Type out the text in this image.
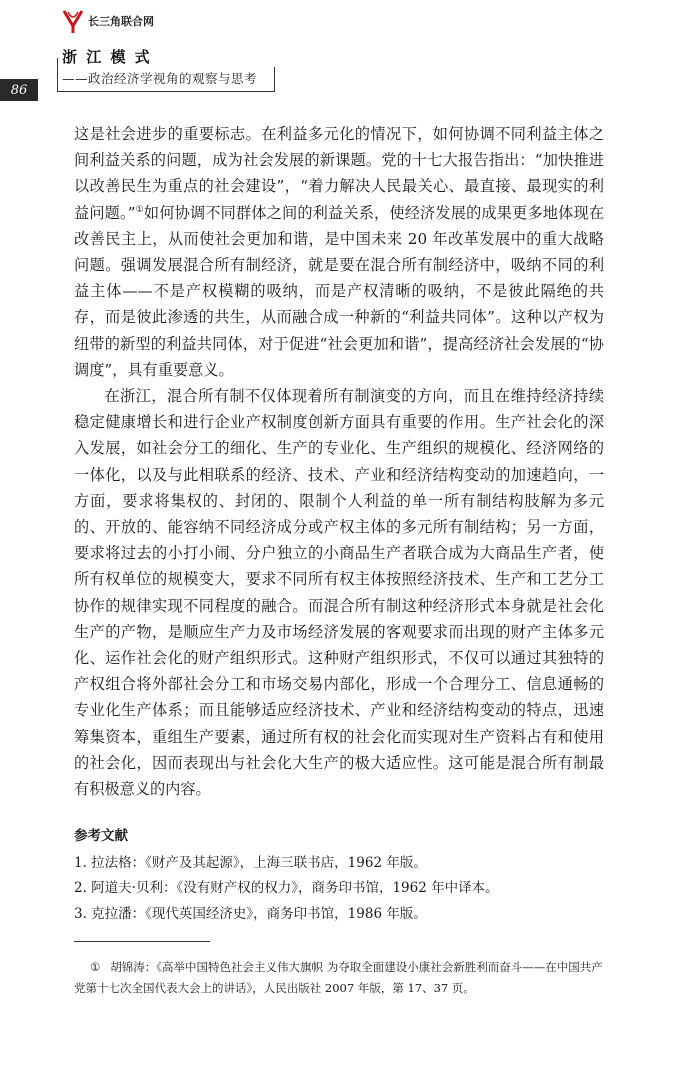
长三角联合网
浙 江 模 式
——政治经济学视角的观察与思考
86

这是社会进步的重要标志。在利益多元化的情况下，如何协调不同利益主体之间利益关系的问题，成为社会发展的新课题。党的十七大报告指出：“加快推进以改善民生为重点的社会建设”，“着力解决人民最关心、最直接、最现实的利益问题。”①如何协调不同群体之间的利益关系，使经济发展的成果更多地体现在改善民主上，从而使社会更加和谐，是中国未来 20 年改革发展中的重大战略问题。强调发展混合所有制经济，就是要在混合所有制经济中，吸纳不同的利益主体——不是产权模糊的吸纳，而是产权清晰的吸纳，不是彼此隔绝的共存，而是彼此渗透的共生，从而融合成一种新的“利益共同体”。这种以产权为纽带的新型的利益共同体，对于促进“社会更加和谐”，提高经济社会发展的“协调度”，具有重要意义。

在浙江，混合所有制不仅体现着所有制演变的方向，而且在维持经济持续稳定健康增长和进行企业产权制度创新方面具有重要的作用。生产社会化的深入发展，如社会分工的细化、生产的专业化、生产组织的规模化、经济网络的一体化，以及与此相联系的经济、技术、产业和经济结构变动的加速趋向，一方面，要求将集权的、封闭的、限制个人利益的单一所有制结构肢解为多元的、开放的、能容纳不同经济成分或产权主体的多元所有制结构；另一方面，要求将过去的小打小闹、分户独立的小商品生产者联合成为大商品生产者，使所有权单位的规模变大，要求不同所有权主体按照经济技术、生产和工艺分工协作的规律实现不同程度的融合。而混合所有制这种经济形式本身就是社会化生产的产物，是顺应生产力及市场经济发展的客观要求而出现的财产主体多元化、运作社会化的财产组织形式。这种财产组织形式，不仅可以通过其独特的产权组合将外部社会分工和市场交易内部化，形成一个合理分工、信息通畅的专业化生产体系；而且能够适应经济技术、产业和经济结构变动的特点，迅速筹集资本，重组生产要素，通过所有权的社会化而实现对生产资料占有和使用的社会化，因而表现出与社会化大生产的极大适应性。这可能是混合所有制最有积极意义的内容。

参考文献
1. 拉法格：《财产及其起源》，上海三联书店，1962 年版。
2. 阿道夫·贝利：《没有财产权的权力》，商务印书馆，1962 年中译本。
3. 克拉潘：《现代英国经济史》，商务印书馆，1986 年版。
① 胡锦涛：《高举中国特色社会主义伟大旗帜 为夺取全面建设小康社会新胜利而奋斗——在中国共产党第十七次全国代表大会上的讲话》，人民出版社 2007 年版，第 17、37 页。
